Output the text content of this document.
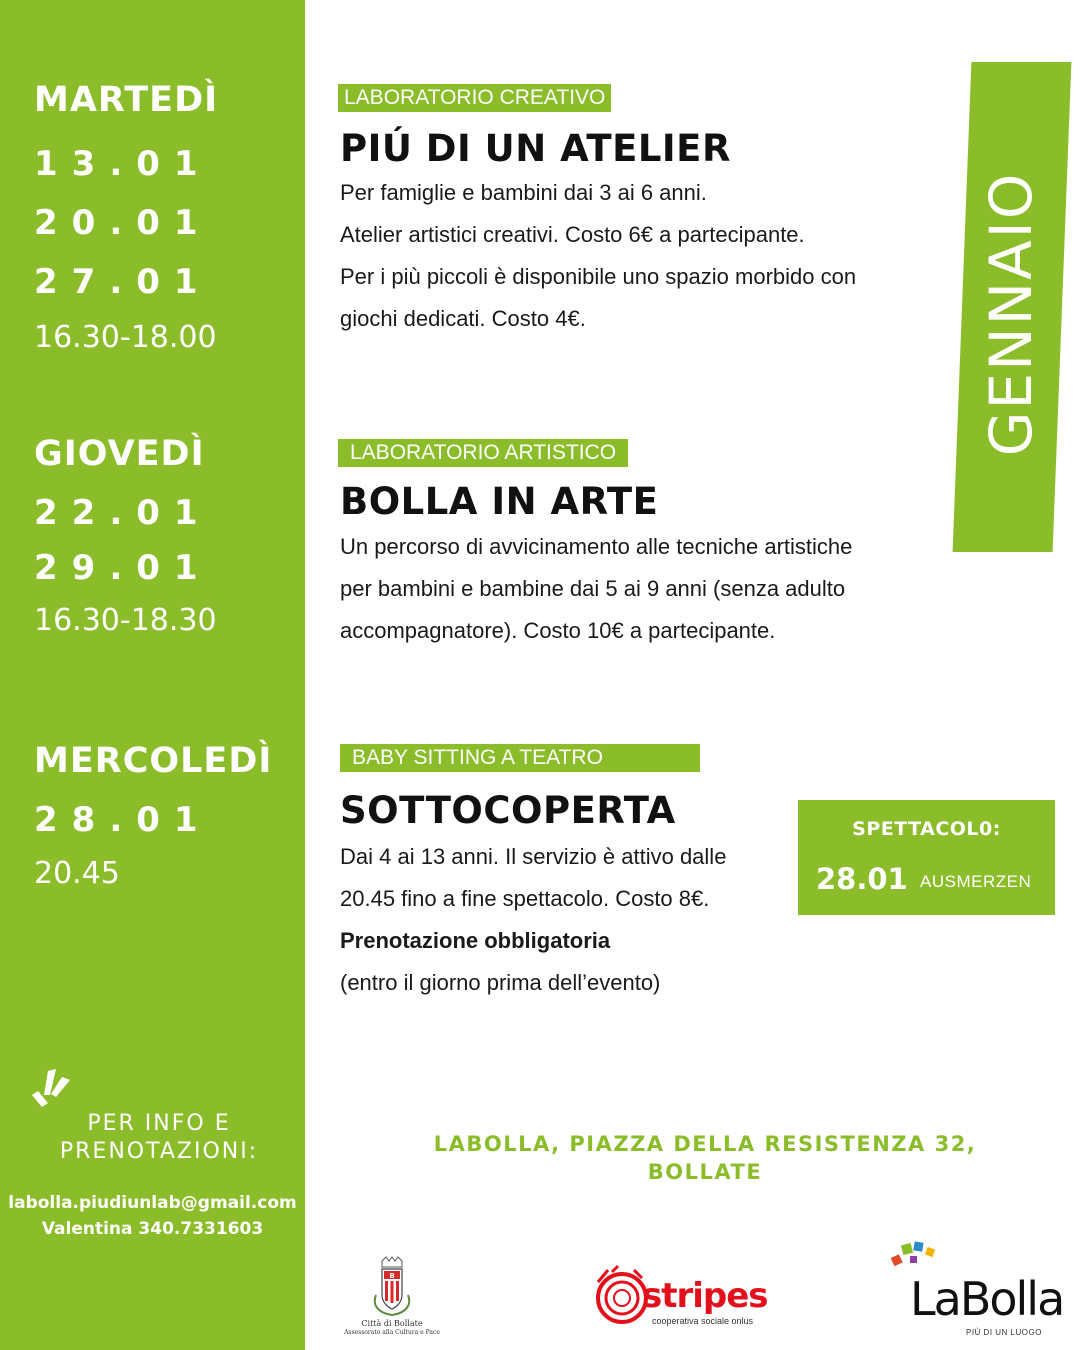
MARTEDÌ
13.01
20.01
27.01
16.30-18.00
GIOVEDÌ
22.01
29.01
16.30-18.30
MERCOLEDÌ
28.01
20.45
PER INFO E
PRENOTAZIONI:
labolla.piudiunlab@gmail.com
Valentina 340.7331603
LABORATORIO CREATIVO
PIÚ DI UN ATELIER
Per famiglie e bambini dai 3 ai 6 anni.
Atelier artistici creativi. Costo 6€ a partecipante.
Per i più piccoli è disponibile uno spazio morbido con
giochi dedicati. Costo 4€.
LABORATORIO ARTISTICO
BOLLA IN ARTE
Un percorso di avvicinamento alle tecniche artistiche
per bambini e bambine dai 5 ai 9 anni (senza adulto
accompagnatore). Costo 10€ a partecipante.
BABY SITTING A TEATRO
SOTTOCOPERTA
Dai 4 ai 13 anni. Il servizio è attivo dalle
20.45 fino a fine spettacolo. Costo 8€.
Prenotazione obbligatoria
(entro il giorno prima dell’evento)
GENNAIO
SPETTACOL0:
28.01 AUSMERZEN
LABOLLA, PIAZZA DELLA RESISTENZA 32,
BOLLATE
B
Città di Bollate
Assessorato alla Cultura e Pace
stripes
cooperativa sociale onlus	LaBolla
PIÙ DI UN LUOGO
